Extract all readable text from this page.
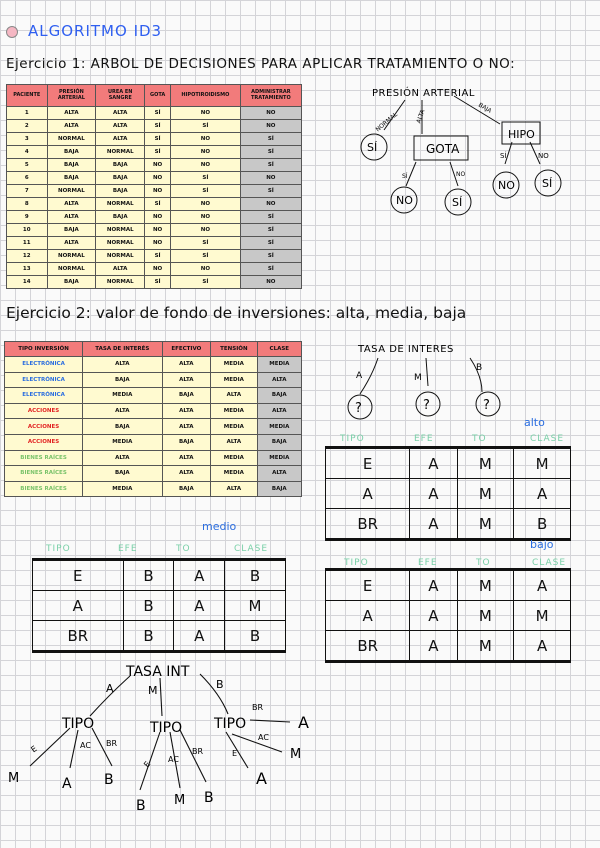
ALGORITMO ID3
Ejercicio 1: ARBOL DE DECISIONES PARA APLICAR TRATAMIENTO O NO:
PACIENTE	PRESIÓN ARTERIAL	UREA EN SANGRE	GOTA	HIPOTIROIDISMO	ADMINISTRAR TRATAMIENTO
1	ALTA	ALTA	SÍ	NO	NO
2	ALTA	ALTA	SÍ	SÍ	NO
3	NORMAL	ALTA	SÍ	NO	SÍ
4	BAJA	NORMAL	SÍ	NO	SÍ
5	BAJA	BAJA	NO	NO	SÍ
6	BAJA	BAJA	NO	SÍ	NO
7	NORMAL	BAJA	NO	SÍ	SÍ
8	ALTA	NORMAL	SÍ	NO	NO
9	ALTA	BAJA	NO	NO	SÍ
10	BAJA	NORMAL	NO	NO	SÍ
11	ALTA	NORMAL	NO	SÍ	SÍ
12	NORMAL	NORMAL	SÍ	SÍ	SÍ
13	NORMAL	ALTA	NO	NO	SÍ
14	BAJA	NORMAL	SÍ	SÍ	NO
PRESIÓN ARTERIAL
NORMAL	ALTA
BAJA
SÍ	GOTA
HIPO
SÍ	NO
SÍ	NO
NO	SÍ
NO SÍ
Ejercicio 2: valor de fondo de inversiones: alta, media, baja
TIPO INVERSIÓN	TASA DE INTERÉS	EFECTIVO	TENSIÓN	CLASE
ELECTRÓNICA	ALTA	ALTA	MEDIA	MEDIA
ELECTRÓNICA	BAJA	ALTA	MEDIA	ALTA
ELECTRÓNICA	MEDIA	BAJA	ALTA	BAJA
ACCIONES	ALTA	ALTA	MEDIA	ALTA
ACCIONES	BAJA	ALTA	MEDIA	MEDIA
ACCIONES	MEDIA	BAJA	ALTA	BAJA
BIENES RAÍCES	ALTA	ALTA	MEDIA	MEDIA
BIENES RAÍCES	BAJA	ALTA	MEDIA	ALTA
BIENES RAÍCES	MEDIA	BAJA	ALTA	BAJA
TASA DE INTERES
A	M
B
?	?	?
alto
TIPO	EFE	TO	CLASE
E	A	M	M
A	A	M	A
BR	A	M	B
medio
TIPO	EFE	TO	CLASE
E	B	A	B
A	B	A	M
BR	B	A	B
bajo
TIPO	EFE	TO	CLASE
E	A	M	A
A	A	M	M
BR	A	M	A
TASA INT
A	M	B
TIPO	TIPO TIPO
E	AC BR
E
AC
BR	E
AC
BR
M	A B
B M B
A
M
A
